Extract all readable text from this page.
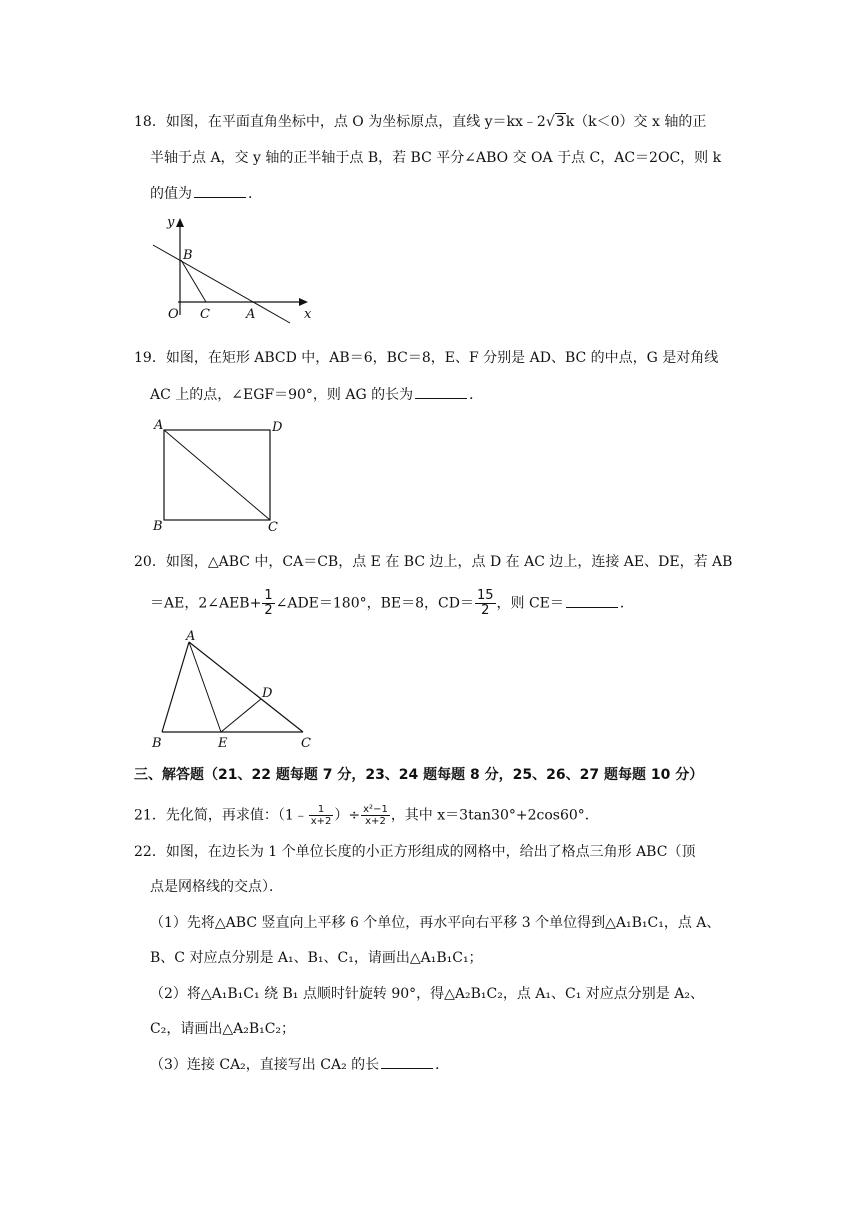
18．如图，在平面直角坐标中，点 O 为坐标原点，直线 y＝kx﹣2√3k（k＜0）交 x 轴的正
半轴于点 A，交 y 轴的正半轴于点 B，若 BC 平分∠ABO 交 OA 于点 C，AC＝2OC，则 k
的值为	．
y
B
O C	A	x
19．如图，在矩形 ABCD 中，AB＝6，BC＝8，E、F 分别是 AD、BC 的中点，G 是对角线
AC 上的点，∠EGF＝90°，则 AG 的长为	．
A	D
B	C
20．如图，△ABC 中，CA＝CB，点 E 在 BC 边上，点 D 在 AC 边上，连接 AE、DE，若 AB
＝AE，2∠AEB+ $\frac{1}{2}$ ∠ADE＝180°，BE＝8，$CD= \frac{15}{2}$ ，则 CE＝	．
A
D
B	E	C
三、解答题（21、22 题每题 7 分，23、24 题每题 8 分，25、26、27 题每题 10 分）
21．先化简，再求值：（1﹣ $\frac{1}{x+2}$ ）÷ $\frac{\text{x²−1}}{x+2}$ ，其中 x＝3tan30°+2cos60°．
22．如图，在边长为 1 个单位长度的小正方形组成的网格中，给出了格点三角形 ABC（顶
点是网格线的交点）．
（1）先将△ABC 竖直向上平移 6 个单位，再水平向右平移 3 个单位得到△A₁B₁C₁，点 A、
B、C 对应点分别是 A₁、B₁、C₁，请画出△A₁B₁C₁；
（2）将△A₁B₁C₁ 绕 B₁ 点顺时针旋转 90°，得△A₂B₁C₂，点 A₁、C₁ 对应点分别是 A₂、
C₂，请画出△A₂B₁C₂；
（3）连接 CA₂，直接写出 CA₂ 的长	．
